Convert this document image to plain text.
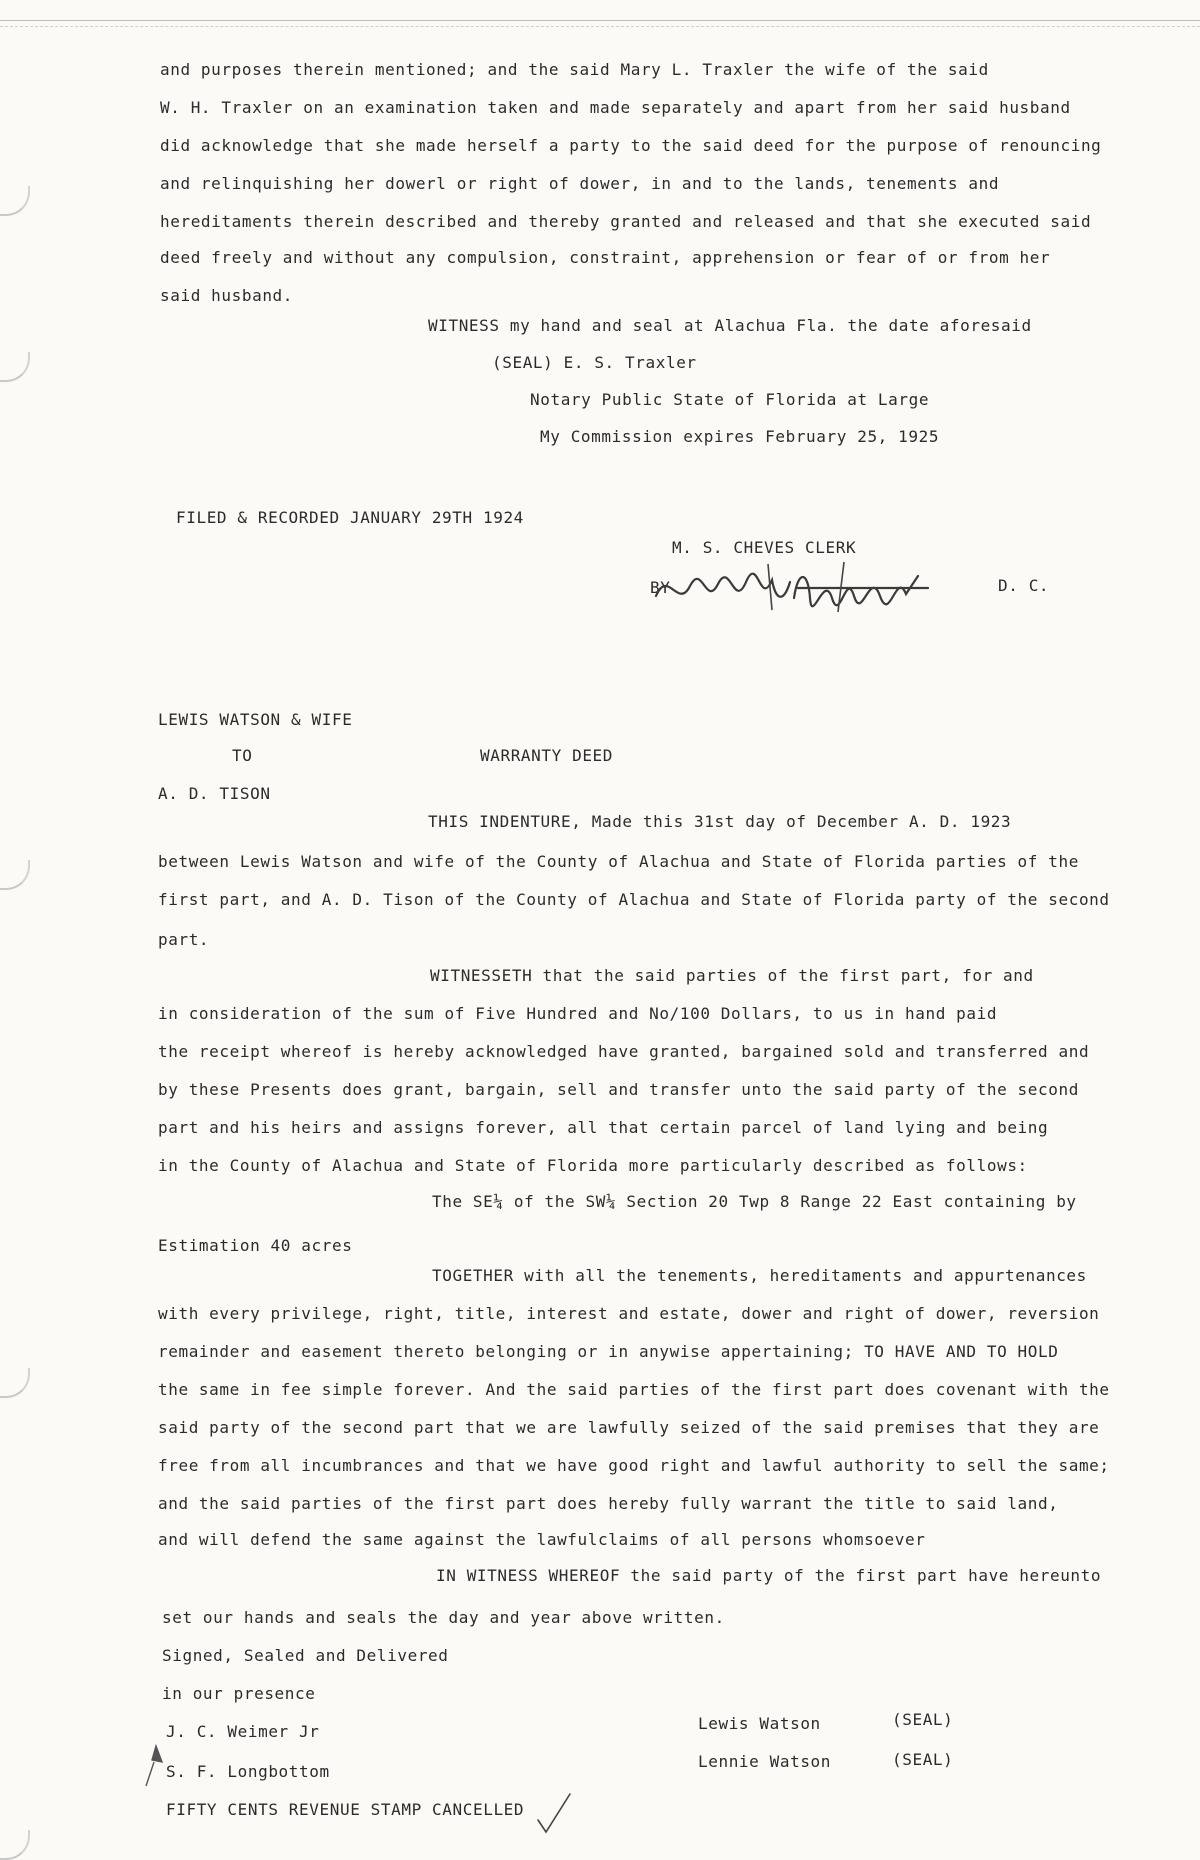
and purposes therein mentioned; and the said Mary L. Traxler the wife of the said
W. H. Traxler on an examination taken and made separately and apart from her said husband
did acknowledge that she made herself a party to the said deed for the purpose of renouncing
and relinquishing her dowerl or right of dower, in and to the lands, tenements and
hereditaments therein described and thereby granted and released and that she executed said
deed freely and without any compulsion, constraint, apprehension or fear of or from her
said husband.
WITNESS my hand and seal at Alachua Fla. the date aforesaid
(SEAL) E. S. Traxler
Notary Public State of Florida at Large
My Commission expires February 25, 1925
FILED & RECORDED JANUARY 29TH 1924
M. S. CHEVES CLERK
BY	D. C.
LEWIS WATSON & WIFE
TO	WARRANTY DEED
A. D. TISON
THIS INDENTURE, Made this 31st day of December A. D. 1923
between Lewis Watson and wife of the County of Alachua and State of Florida parties of the
first part, and A. D. Tison of the County of Alachua and State of Florida party of the second
part.
WITNESSETH that the said parties of the first part, for and
in consideration of the sum of Five Hundred and No/100 Dollars, to us in hand paid
the receipt whereof is hereby acknowledged have granted, bargained sold and transferred and
by these Presents does grant, bargain, sell and transfer unto the said party of the second
part and his heirs and assigns forever, all that certain parcel of land lying and being
in the County of Alachua and State of Florida more particularly described as follows:
The SE¼ of the SW¼ Section 20 Twp 8 Range 22 East containing by
Estimation 40 acres
TOGETHER with all the tenements, hereditaments and appurtenances
with every privilege, right, title, interest and estate, dower and right of dower, reversion
remainder and easement thereto belonging or in anywise appertaining; TO HAVE AND TO HOLD
the same in fee simple forever. And the said parties of the first part does covenant with the
said party of the second part that we are lawfully seized of the said premises that they are
free from all incumbrances and that we have good right and lawful authority to sell the same;
and the said parties of the first part does hereby fully warrant the title to said land,
and will defend the same against the lawfulclaims of all persons whomsoever
IN WITNESS WHEREOF the said party of the first part have hereunto
set our hands and seals the day and year above written.
Signed, Sealed and Delivered
in our presence
J. C. Weimer Jr
S. F. Longbottom
Lewis Watson	(SEAL)
Lennie Watson	(SEAL)
FIFTY CENTS REVENUE STAMP CANCELLED
